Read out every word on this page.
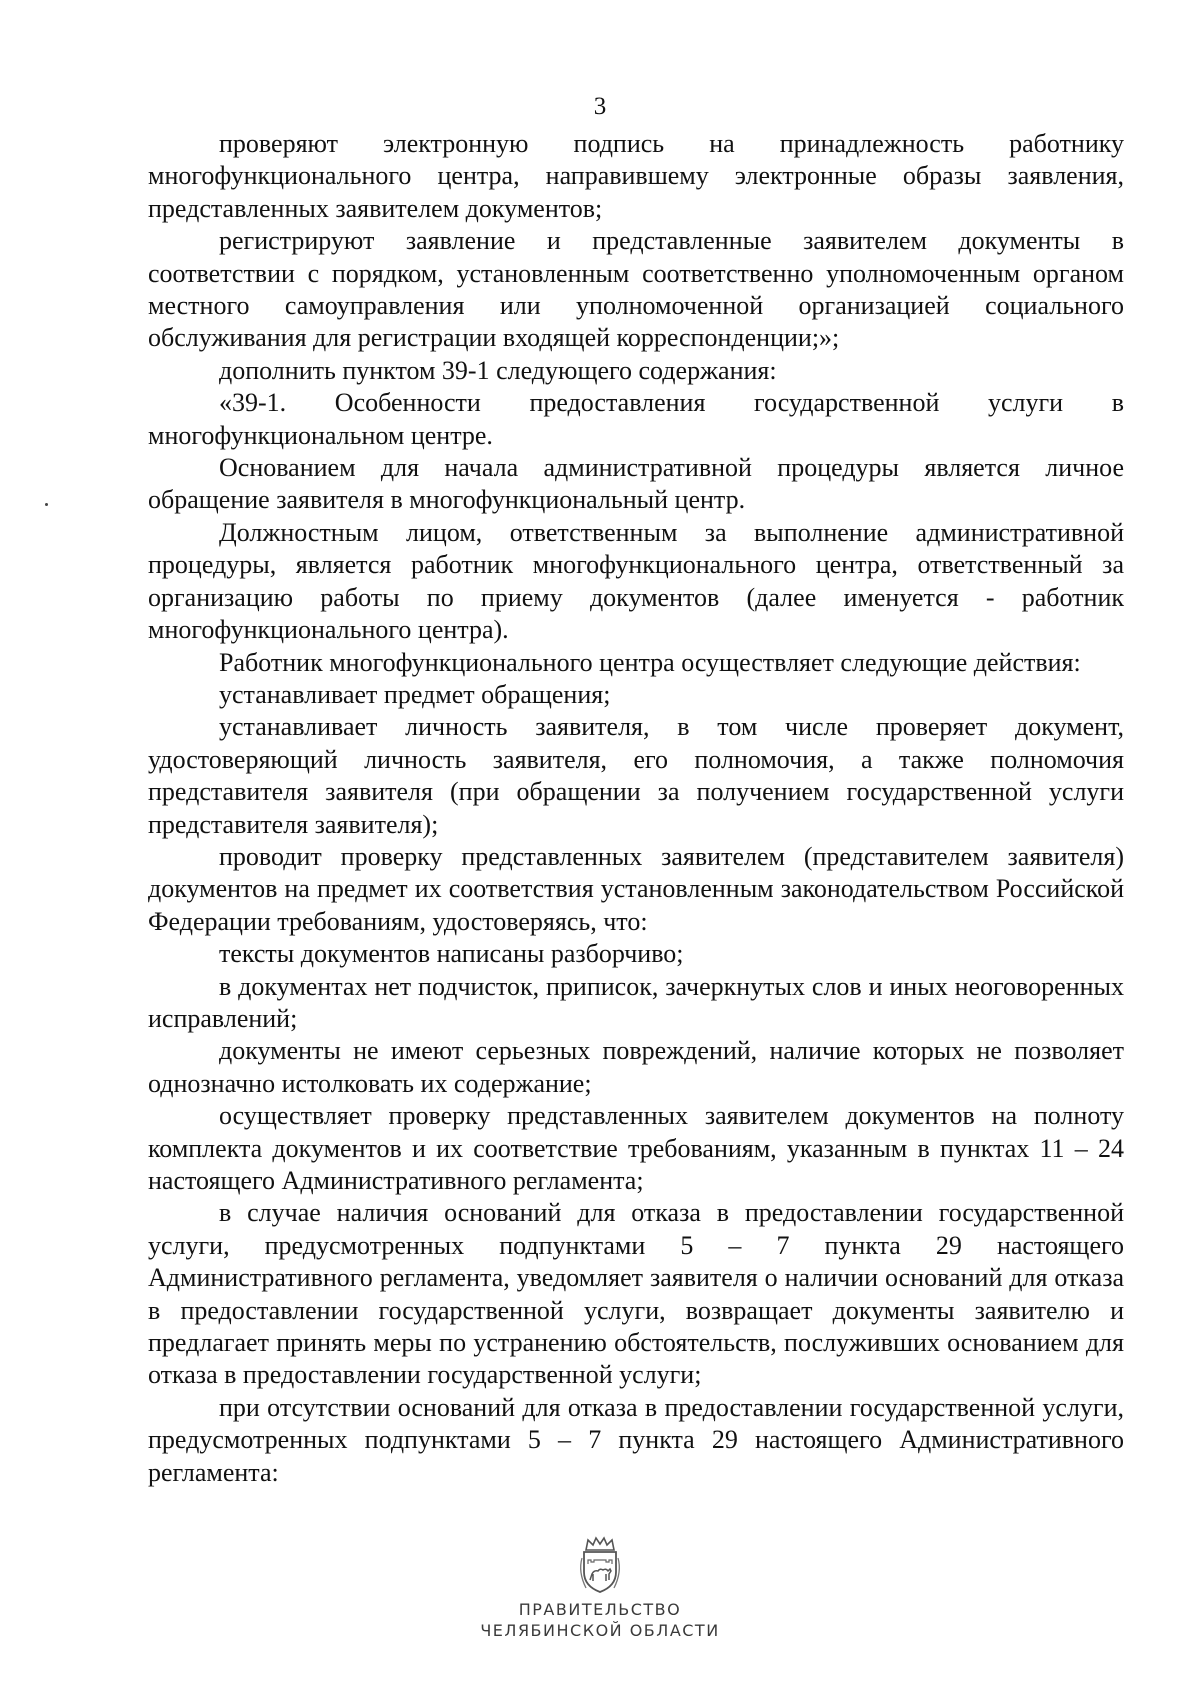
3

проверяют электронную подпись на принадлежность работнику многофункционального центра, направившему электронные образы заявления, представленных заявителем документов;

регистрируют заявление и представленные заявителем документы в соответствии с порядком, установленным соответственно уполномоченным органом местного самоуправления или уполномоченной организацией социального обслуживания для регистрации входящей корреспонденции;»;

дополнить пунктом 39-1 следующего содержания:

«39-1. Особенности предоставления государственной услуги в многофункциональном центре.

Основанием для начала административной процедуры является личное обращение заявителя в многофункциональный центр.

Должностным лицом, ответственным за выполнение административной процедуры, является работник многофункционального центра, ответственный за организацию работы по приему документов (далее именуется - работник многофункционального центра).

Работник многофункционального центра осуществляет следующие действия:

устанавливает предмет обращения;

устанавливает личность заявителя, в том числе проверяет документ, удостоверяющий личность заявителя, его полномочия, а также полномочия представителя заявителя (при обращении за получением государственной услуги представителя заявителя);

проводит проверку представленных заявителем (представителем заявителя) документов на предмет их соответствия установленным законодательством Российской Федерации требованиям, удостоверяясь, что:

тексты документов написаны разборчиво;

в документах нет подчисток, приписок, зачеркнутых слов и иных неоговоренных исправлений;

документы не имеют серьезных повреждений, наличие которых не позволяет однозначно истолковать их содержание;

осуществляет проверку представленных заявителем документов на полноту комплекта документов и их соответствие требованиям, указанным в пунктах 11 – 24 настоящего Административного регламента;

в случае наличия оснований для отказа в предоставлении государственной услуги, предусмотренных подпунктами 5 – 7 пункта 29 настоящего Административного регламента, уведомляет заявителя о наличии оснований для отказа в предоставлении государственной услуги, возвращает документы заявителю и предлагает принять меры по устранению обстоятельств, послуживших основанием для отказа в предоставлении государственной услуги;

при отсутствии оснований для отказа в предоставлении государственной услуги, предусмотренных подпунктами 5 – 7 пункта 29 настоящего Административного регламента:

ПРАВИТЕЛЬСТВО
ЧЕЛЯБИНСКОЙ ОБЛАСТИ
